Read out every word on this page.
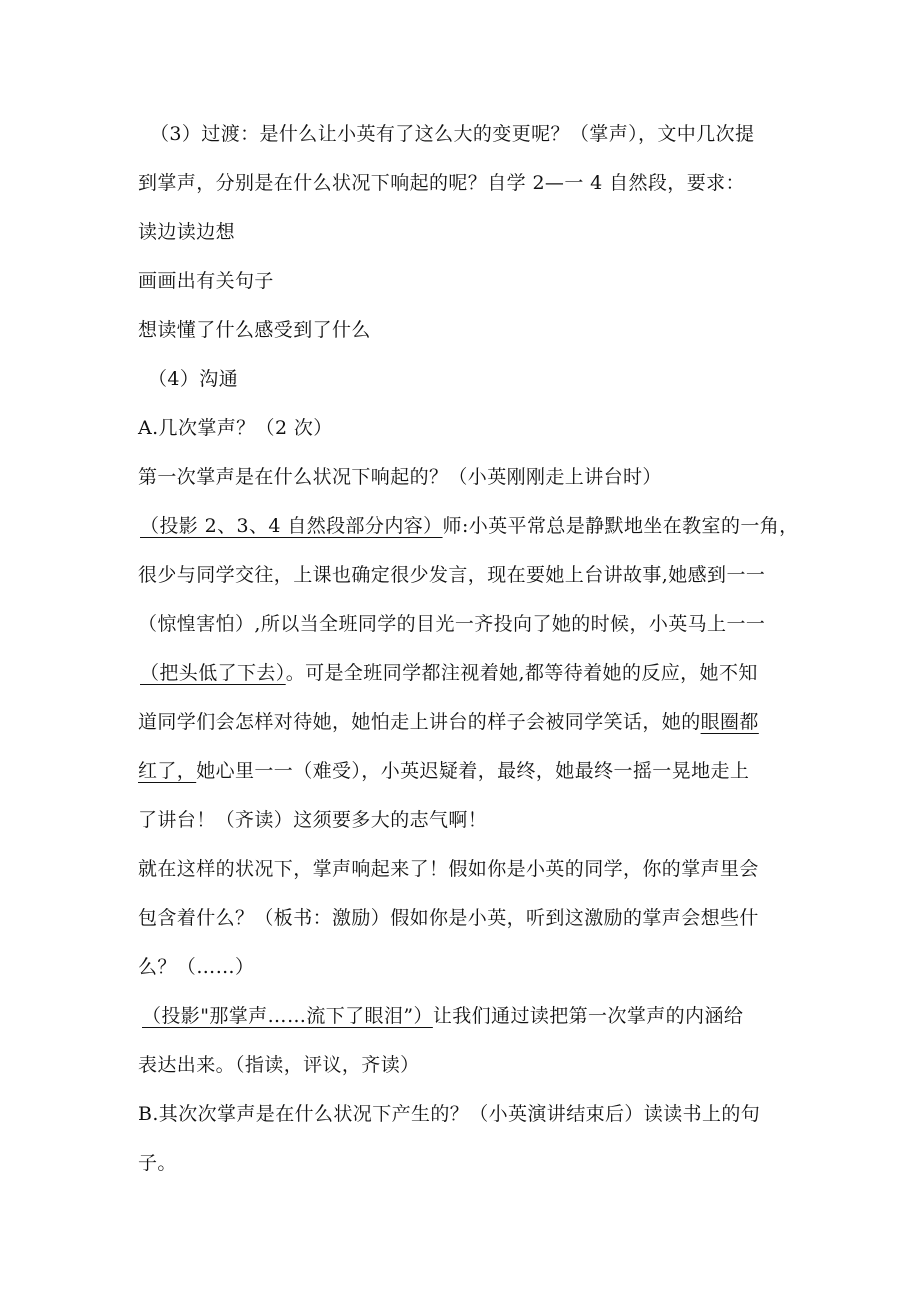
（3）过渡：是什么让小英有了这么大的变更呢？（掌声），文中几次提
到掌声，分别是在什么状况下响起的呢？自学 2—一 4 自然段，要求：
读边读边想
画画出有关句子
想读懂了什么感受到了什么
（4）沟通
A.几次掌声？（2 次）
第一次掌声是在什么状况下响起的？（小英刚刚走上讲台时）
（投影 2、3、4 自然段部分内容）师:小英平常总是静默地坐在教室的一角，
很少与同学交往，上课也确定很少发言，现在要她上台讲故事,她感到一一
（惊惶害怕）,所以当全班同学的目光一齐投向了她的时候，小英马上一一
（把头低了下去）。可是全班同学都注视着她,都等待着她的反应，她不知
道同学们会怎样对待她，她怕走上讲台的样子会被同学笑话，她的眼圈都
红了，她心里一一（难受），小英迟疑着，最终，她最终一摇一晃地走上
了讲台！（齐读）这须要多大的志气啊！
就在这样的状况下，掌声响起来了！假如你是小英的同学，你的掌声里会
包含着什么？（板书：激励）假如你是小英，听到这激励的掌声会想些什
么？（……）
（投影"那掌声……流下了眼泪”）让我们通过读把第一次掌声的内涵给
表达出来。（指读，评议，齐读）
B.其次次掌声是在什么状况下产生的？（小英演讲结束后）读读书上的句
子。
